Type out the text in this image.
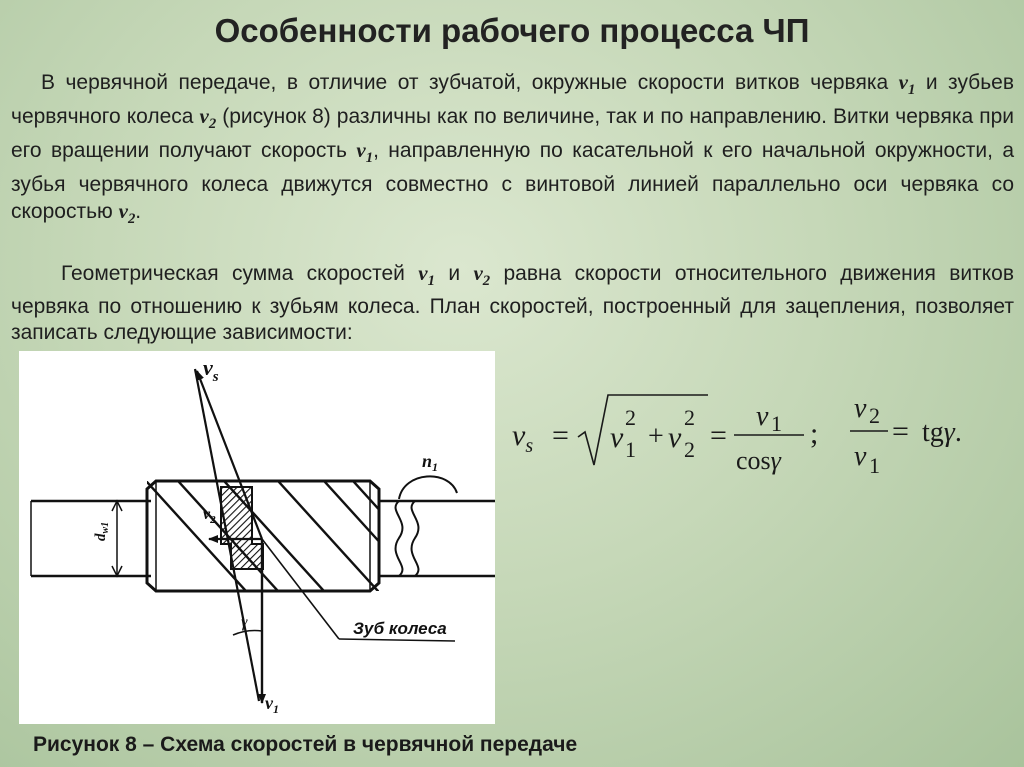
Особенности рабочего процесса ЧП
В червячной передаче, в отличие от зубчатой, окружные скорости витков червяка $v_1$ и зубьев червячного колеса $v_2$ (рисунок 8) различны как по величине, так и по направлению. Витки червяка при его вращении получают скорость $v_1$, направленную по касательной к его начальной окружности, а зубья червячного колеса движутся совместно с винтовой линией параллельно оси червяка со скоростью $v_2$.
Геометрическая сумма скоростей $v_1$ и $v_2$ равна скорости относительного движения витков червяка по отношению к зубьям колеса. План скоростей, построенный для зацепления, позволяет записать следующие зависимости:
$v_s$
$v_2$
$v_1$
$n_1$
$d_{w1}$
γ	Зуб колеса
$v_s = v$ 1
2
+ v 2
2
=
v 1
cosγ
;
v 2
v 1
= tgγ.
Рисунок 8 – Схема скоростей в червячной передаче
